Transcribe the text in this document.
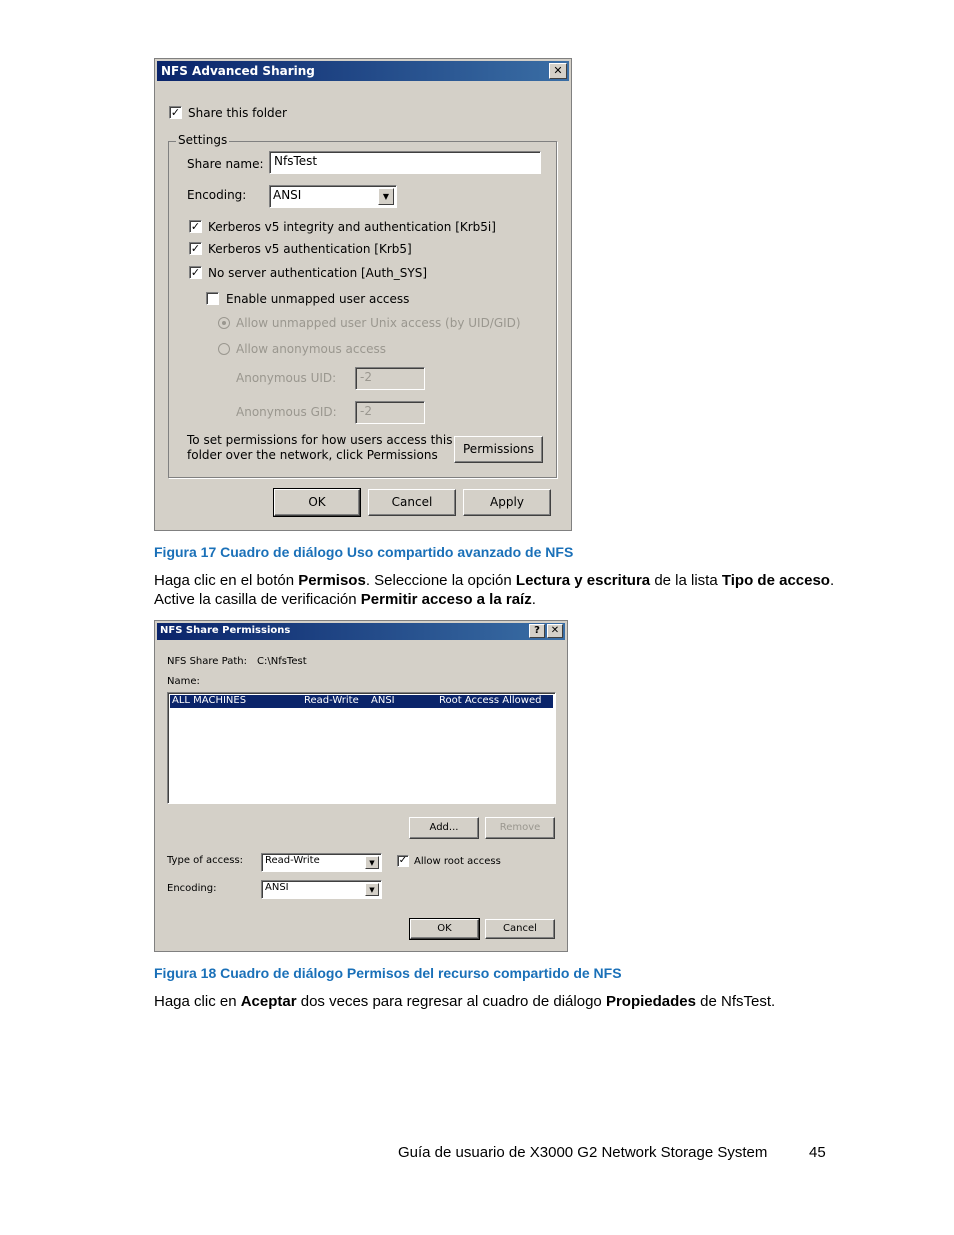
NFS Advanced Sharing	✕
✓ Share this folder
Settings
Share name: NfsTest
Encoding: ANSI	▼
✓ Kerberos v5 integrity and authentication [Krb5i]
✓ Kerberos v5 authentication [Krb5]
✓ No server authentication [Auth_SYS]
Enable unmapped user access
Allow unmapped user Unix access (by UID/GID)
Allow anonymous access
Anonymous UID:	-2
Anonymous GID:	-2
To set permissions for how users access this
folder over the network, click Permissions	Permissions
OK	Cancel	Apply
Figura 17 Cuadro de diálogo Uso compartido avanzado de NFS
Haga clic en el botón Permisos. Seleccione la opción Lectura y escritura de la lista Tipo de acceso.
Active la casilla de verificación Permitir acceso a la raíz.
NFS Share Permissions	?	✕
NFS Share Path: C:\NfsTest
Name:
ALL MACHINES	Read-Write ANSI	Root Access Allowed
Add...	Remove
Type of access: Read-Write	▼	✓ Allow root access
Encoding:	ANSI	▼
OK	Cancel
Figura 18 Cuadro de diálogo Permisos del recurso compartido de NFS
Haga clic en Aceptar dos veces para regresar al cuadro de diálogo Propiedades de NfsTest.
Guía de usuario de X3000 G2 Network Storage System	45
